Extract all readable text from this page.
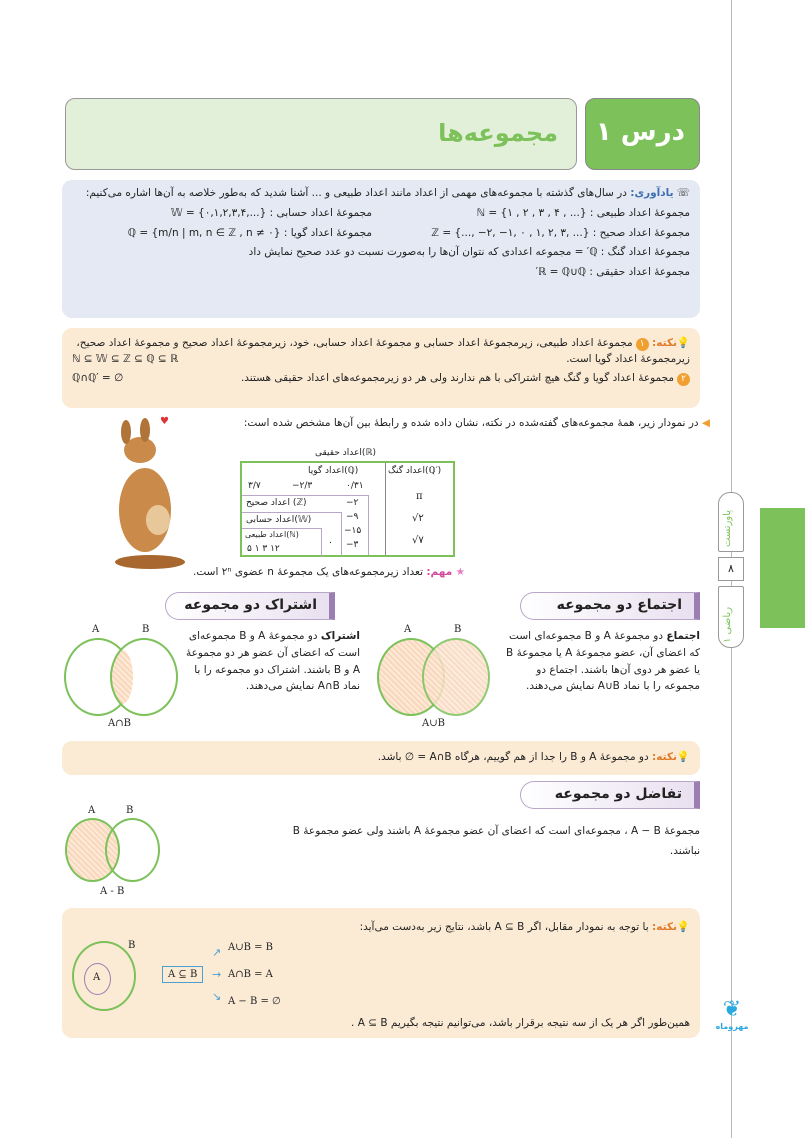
مجموعه‌ها درس ۱
☏ یادآوری: در سال‌های گذشته با مجموعه‌های مهمی از اعداد مانند اعداد طبیعی و ... آشنا شدید که به‌طور خلاصه به آن‌ها اشاره می‌کنیم:
مجموعهٔ اعداد طبیعی : ℕ = {۱ , ۲ , ۳ , ۴ , ...}
مجموعهٔ اعداد حسابی : 𝕎 = {۰,۱,۲,۳,۴,...}
مجموعهٔ اعداد صحیح : ℤ = {..., −۲, −۱, ۰ , ۱, ۲, ۳, ...}
مجموعهٔ اعداد گویا : ℚ = {m/n | m, n ∈ ℤ , n ≠ ۰}
مجموعهٔ اعداد گنگ : ℚ′ = مجموعه اعدادی که نتوان آن‌ها را به‌صورت نسبت دو عدد صحیح نمایش داد
مجموعهٔ اعداد حقیقی : ℝ = ℚ∪ℚ′
💡نکته: ۱مجموعهٔ اعداد طبیعی، زیرمجموعهٔ اعداد حسابی و مجموعهٔ اعداد حسابی، خود، زیرمجموعهٔ اعداد صحیح و مجموعهٔ اعداد صحیح، زیرمجموعهٔ اعداد گویا است.
ℕ ⊆ 𝕎 ⊆ ℤ ⊆ ℚ ⊆ ℝ
ℚ∩ℚ′ = ∅	۲مجموعهٔ اعداد گویا و گنگ هیچ اشتراکی با هم ندارند ولی هر دو زیرمجموعه‌های اعداد حقیقی هستند.
♥	◀ در نمودار زیر، همهٔ مجموعه‌های گفته‌شده در نکته، نشان داده شده و رابطهٔ بین آن‌ها مشخص شده است:
اعداد حقیقی(ℝ)
اعداد گنگ(ℚ′)
π
√۲
√۷
اعداد گویا(ℚ)
۳/۷	−۲/۳	۰/۳۱
اعداد صحیح (ℤ)	−۲
−۹
−۱۵
−۳
اعداد حسابی(𝕎)
۰
اعداد طبیعی(ℕ)
۵ ۱ ۳ ۱۲
★ مهم: تعداد زیرمجموعه‌های یک مجموعهٔ n عضوی ۲ⁿ است.
اجتماع دو مجموعه
اجتماع دو مجموعهٔ A و B مجموعه‌ای است که اعضای آن، عضو مجموعهٔ A یا مجموعهٔ B یا عضو هر دوی آن‌ها باشند. اجتماع دو مجموعه را با نماد A∪B نمایش می‌دهند.
A	B
A∪B
اشتراک دو مجموعه
اشتراک دو مجموعهٔ A و B مجموعه‌ای است که اعضای آن عضو هر دو مجموعهٔ A و B باشند. اشتراک دو مجموعه را با نماد A∩B نمایش می‌دهند.
A	B
A∩B
💡نکته: دو مجموعهٔ A و B را جدا از هم گوییم، هرگاه A∩B = ∅ باشد.
تفاضل دو مجموعه
مجموعهٔ A − B ، مجموعه‌ای است که اعضای آن عضو مجموعهٔ A باشند ولی عضو مجموعهٔ B نباشند.
A	B
A - B
💡نکته: با توجه به نمودار مقابل، اگر A ⊆ B باشد، نتایج زیر به‌دست می‌آید:
A
B
A ⊆ B
↗
→
↘
A∪B = B
A∩B = A
A − B = ∅
همین‌طور اگر هر یک از سه نتیجه برقرار باشد، می‌توانیم نتیجه بگیریم A ⊆ B .
پاورتست
۸
ریاضی ۱
❦
مهروماه
